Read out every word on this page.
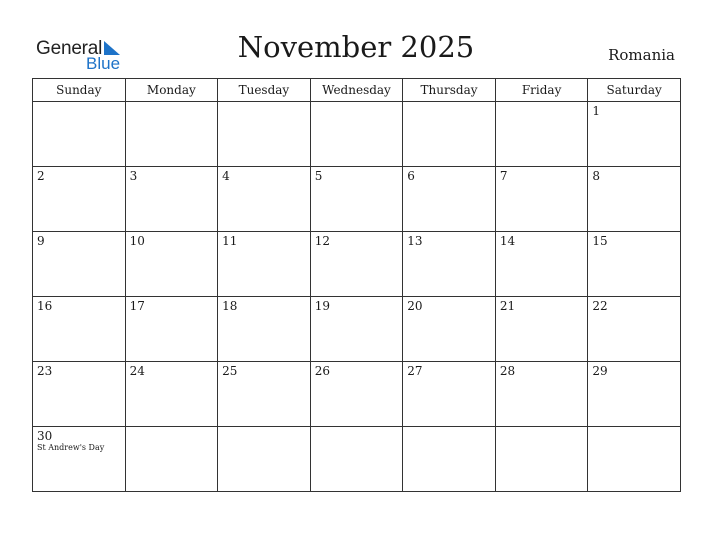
General
Blue	November 2025	Romania
Sunday	Monday	Tuesday	Wednesday	Thursday	Friday	Saturday

						1

2	3	4	5	6	7	8

9	10	11	12	13	14	15

16	17	18	19	20	21	22

23	24	25	26	27	28	29

30
St Andrew's Day						
